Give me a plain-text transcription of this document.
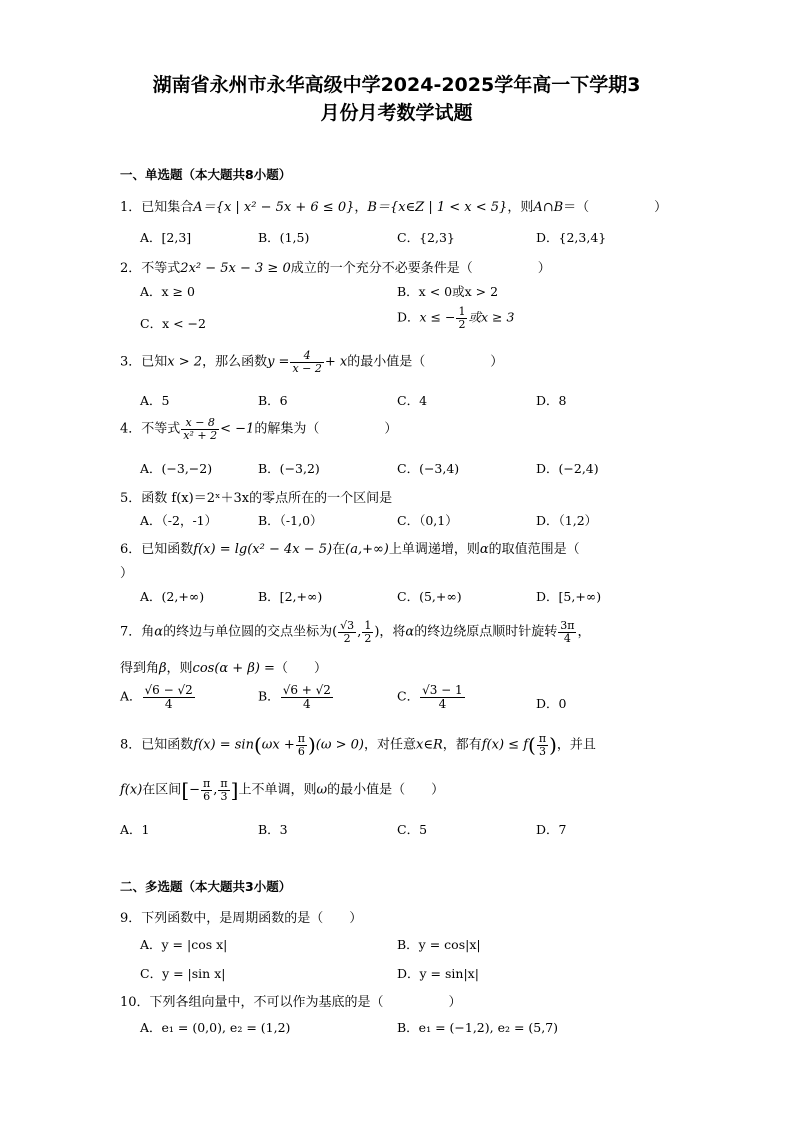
湖南省永州市永华高级中学2024-2025学年高一下学期3
月份月考数学试题
一、单选题（本大题共8小题）
1．已知集合A＝{x | x² − 5x + 6 ≤ 0}，B＝{x∈Z | 1 < x < 5}，则A∩B＝（　　　　　）
A．[2,3]	B．(1,5)	C．{2,3}	D．{2,3,4}
2．不等式2x² − 5x − 3 ≥ 0成立的一个充分不必要条件是（　　　　　）
A．x ≥ 0	B．x < 0或x > 2
C．x < −2	D．x ≤ − $\frac{1}{2}$ 或x ≥ 3
3．已知x > 2，那么函数$y = \frac{4}{x - 2} + x$的最小值是（　　　　　）
A．5	B．6	C．4	D．8
4．不等式 $\frac{x - 8}{\text{x² + 2}} < -1$的解集为（　　　　　）
A．(−3,−2)	B．(−3,2)	C．(−3,4)	D．(−2,4)
5．函数 f(x)＝2ˣ＋3x的零点所在的一个区间是
A．（-2，-1）	B．（-1,0）	C．（0,1）	D．（1,2）
6．已知函数f(x) = lg(x² − 4x − 5)在(a,+∞)上单调递增，则α的取值范围是（
）
A．(2,+∞)	B．[2,+∞)	C．(5,+∞)	D．[5,+∞)
7．角α的终边与单位圆的交点坐标为( $\frac{√3}{2}$ , $\frac{1}{2}$ )，将α的终边绕原点顺时针旋转 $\frac{3\pi}{4}$ ，
得到角β，则cos(α + β) =（　　）
A． $\frac{√6 - √2}{4}$	B． $\frac{√6 + √2}{4}$	C． $\frac{√3 - 1}{4}$	D．0
8．已知函数$f(x) = \sin(\omega x + \frac{\pi}{6} )(\omega > 0)$，对任意x∈R，都有$f(x) \le f( \frac{\pi}{3}$ )，并且
f(x)在区间[− $\frac{\pi}{6}$ , $\frac{\pi}{3}$ ]上不单调，则ω的最小值是（　　）
A．1	B．3	C．5	D．7
二、多选题（本大题共3小题）
9．下列函数中，是周期函数的是（　　）
A．y = |cos x|	B．y = cos|x|
C．y = |sin x|	D．y = sin|x|
10．下列各组向量中，不可以作为基底的是（　　　　　）
A．e₁ = (0,0), e₂ = (1,2)	B．e₁ = (−1,2), e₂ = (5,7)
